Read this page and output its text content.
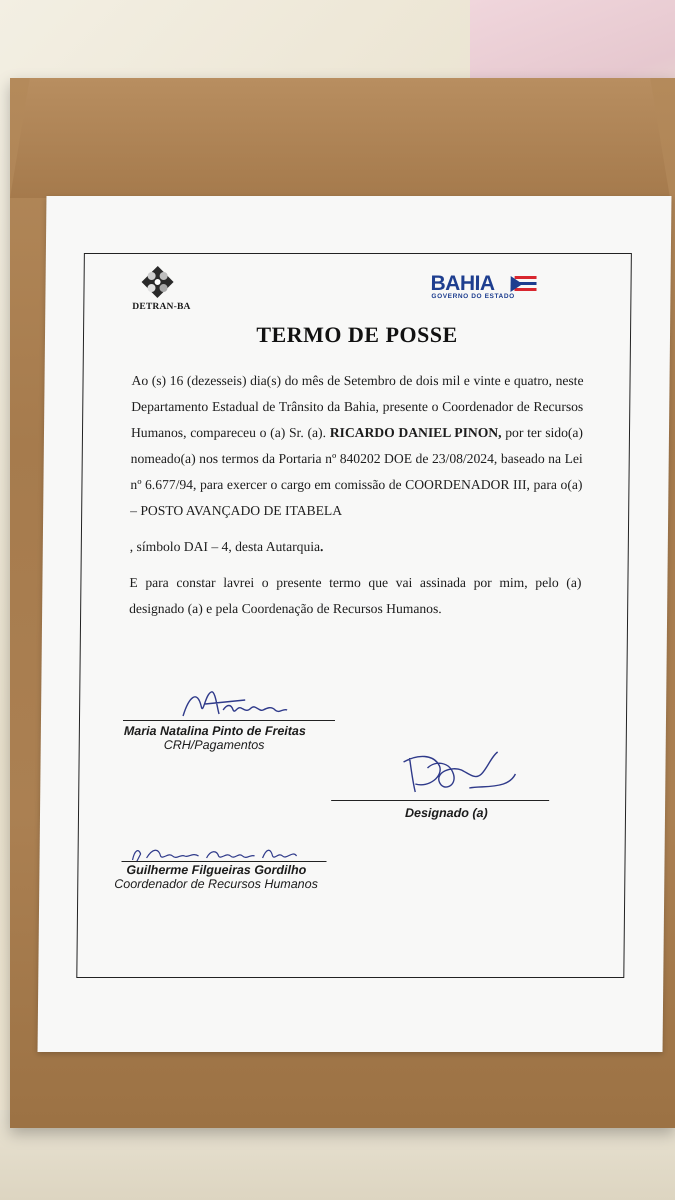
DETRAN-BA
BAHIA
GOVERNO DO ESTADO
TERMO DE POSSE

Ao (s) 16 (dezesseis) dia(s) do mês de Setembro de dois mil e vinte e quatro, neste Departamento Estadual de Trânsito da Bahia, presente o Coordenador de Recursos Humanos, compareceu o (a) Sr. (a). RICARDO DANIEL PINON, por ter sido(a) nomeado(a) nos termos da Portaria nº 840202 DOE de 23/08/2024, baseado na Lei nº 6.677/94, para exercer o cargo em comissão de COORDENADOR III, para o(a) – POSTO AVANÇADO DE ITABELA

, símbolo DAI – 4, desta Autarquia.

E para constar lavrei o presente termo que vai assinada por mim, pelo (a) designado (a) e pela Coordenação de Recursos Humanos.

Maria Natalina Pinto de Freitas
CRH/Pagamentos
Designado (a)
Guilherme Filgueiras Gordilho
Coordenador de Recursos Humanos
